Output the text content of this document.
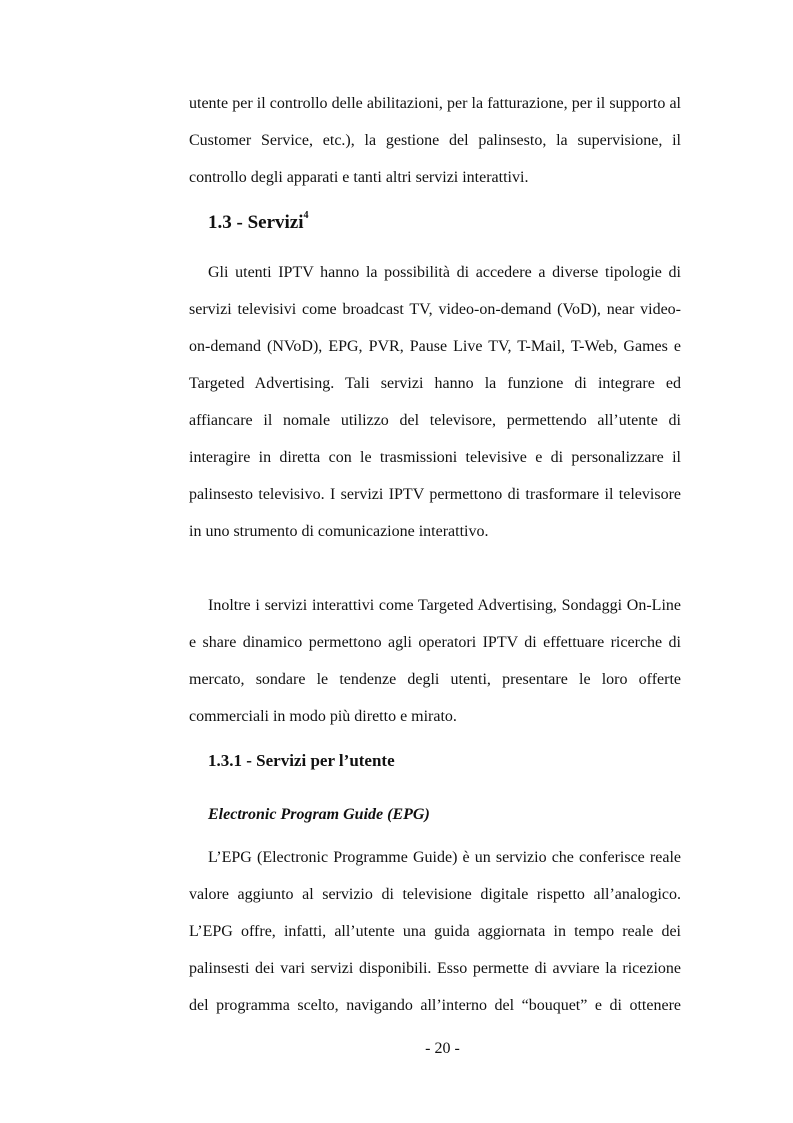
utente per il controllo delle abilitazioni, per la fatturazione, per il supporto al
Customer Service, etc.), la gestione del palinsesto, la supervisione, il
controllo degli apparati e tanti altri servizi interattivi.
1.3 - Servizi$^4$
Gli utenti IPTV hanno la possibilità di accedere a diverse tipologie di
servizi televisivi come broadcast TV, video-on-demand (VoD), near video-
on-demand (NVoD), EPG, PVR, Pause Live TV, T-Mail, T-Web, Games e
Targeted Advertising. Tali servizi hanno la funzione di integrare ed
affiancare il nomale utilizzo del televisore, permettendo all’utente di
interagire in diretta con le trasmissioni televisive e di personalizzare il
palinsesto televisivo. I servizi IPTV permettono di trasformare il televisore
in uno strumento di comunicazione interattivo.
Inoltre i servizi interattivi come Targeted Advertising, Sondaggi On-Line
e share dinamico permettono agli operatori IPTV di effettuare ricerche di
mercato, sondare le tendenze degli utenti, presentare le loro offerte
commerciali in modo più diretto e mirato.
1.3.1 - Servizi per l’utente
Electronic Program Guide (EPG)
L’EPG (Electronic Programme Guide) è un servizio che conferisce reale
valore aggiunto al servizio di televisione digitale rispetto all’analogico.
L’EPG offre, infatti, all’utente una guida aggiornata in tempo reale dei
palinsesti dei vari servizi disponibili. Esso permette di avviare la ricezione
del programma scelto, navigando all’interno del “bouquet” e di ottenere
- 20 -
